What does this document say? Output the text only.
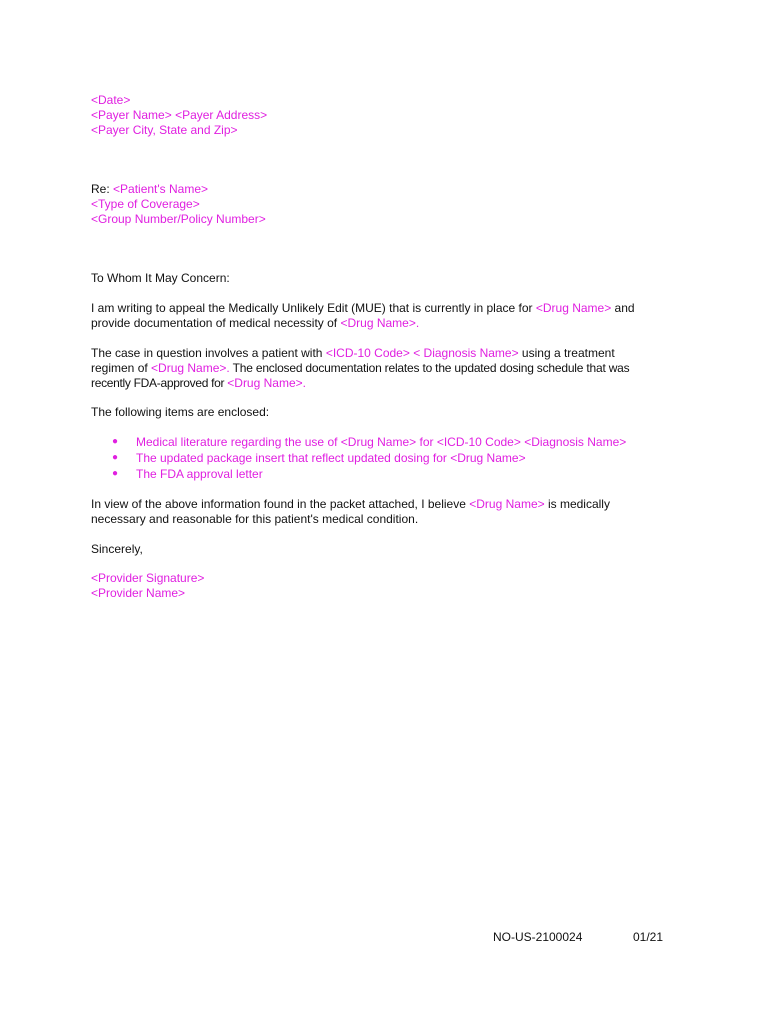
<Date>
<Payer Name> <Payer Address>
<Payer City, State and Zip>
Re: <Patient's Name>
<Type of Coverage>
<Group Number/Policy Number>
To Whom It May Concern:
I am writing to appeal the Medically Unlikely Edit (MUE) that is currently in place for <Drug Name> and
provide documentation of medical necessity of <Drug Name>.
The case in question involves a patient with <ICD-10 Code> < Diagnosis Name> using a treatment
regimen of <Drug Name>. The enclosed documentation relates to the updated dosing schedule that was
recently FDA-approved for <Drug Name>.
The following items are enclosed:
● Medical literature regarding the use of <Drug Name> for <ICD-10 Code> <Diagnosis Name>
● The updated package insert that reflect updated dosing for <Drug Name>
● The FDA approval letter
In view of the above information found in the packet attached, I believe <Drug Name> is medically
necessary and reasonable for this patient's medical condition.
Sincerely,
<Provider Signature>
<Provider Name>
NO-US-2100024	01/21
